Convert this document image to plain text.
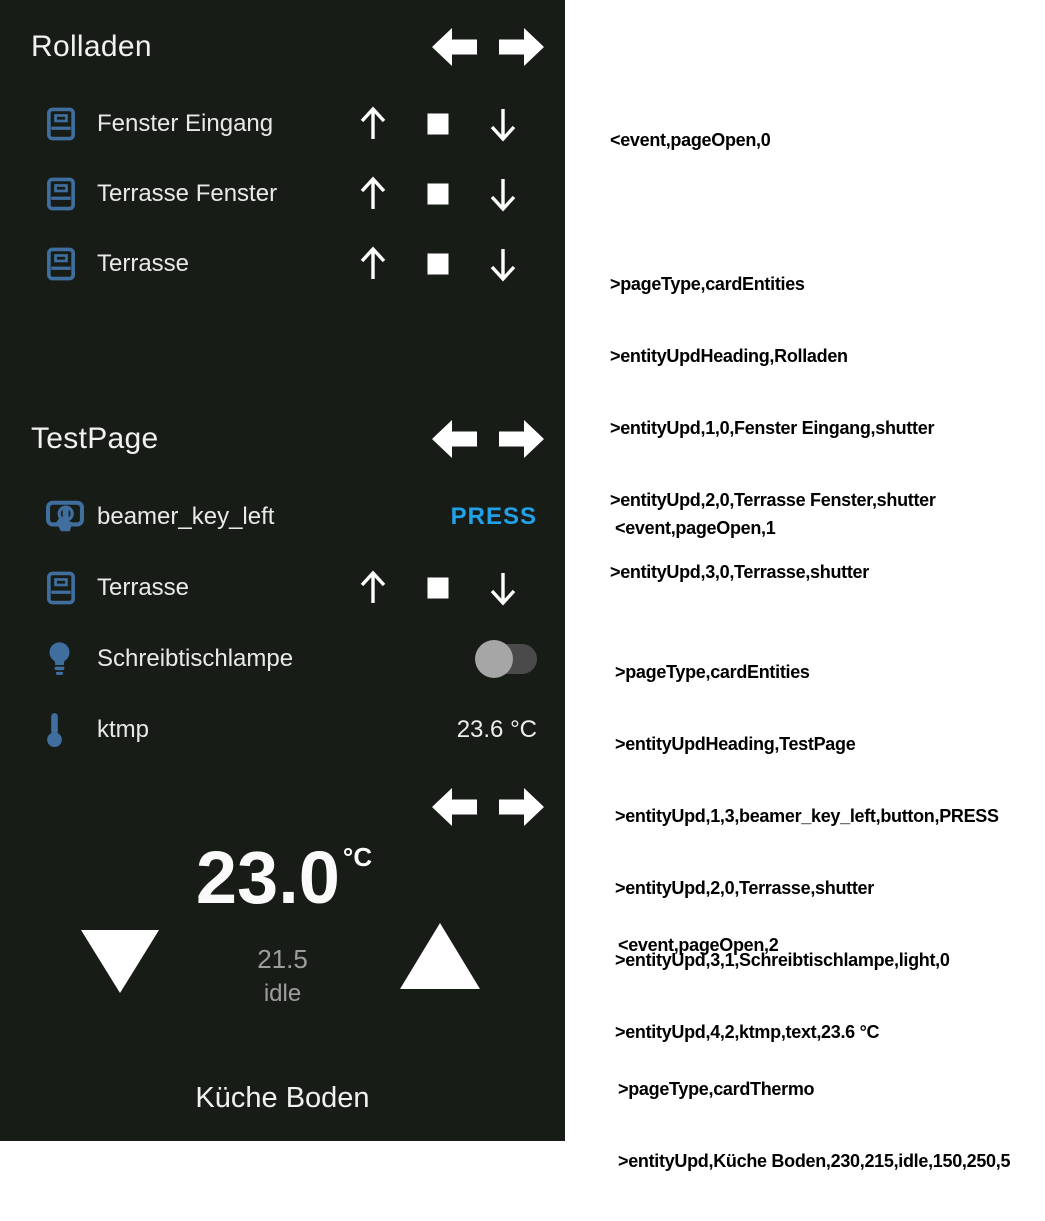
Rolladen
Fenster Eingang
Terrasse Fenster
Terrasse
TestPage
beamer_key_left	PRESS
Terrasse
Schreibtischlampe
ktmp	23.6 °C
23.0 °C
21.5
idle
Küche Boden

<event,pageOpen,0

>pageType,cardEntities

>entityUpdHeading,Rolladen

>entityUpd,1,0,Fenster Eingang,shutter

>entityUpd,2,0,Terrasse Fenster,shutter

>entityUpd,3,0,Terrasse,shutter

<event,pageOpen,1

>pageType,cardEntities

>entityUpdHeading,TestPage

>entityUpd,1,3,beamer_key_left,button,PRESS

>entityUpd,2,0,Terrasse,shutter

>entityUpd,3,1,Schreibtischlampe,light,0

>entityUpd,4,2,ktmp,text,23.6 °C

<event,pageOpen,2

>pageType,cardThermo

>entityUpd,Küche Boden,230,215,idle,150,250,5
